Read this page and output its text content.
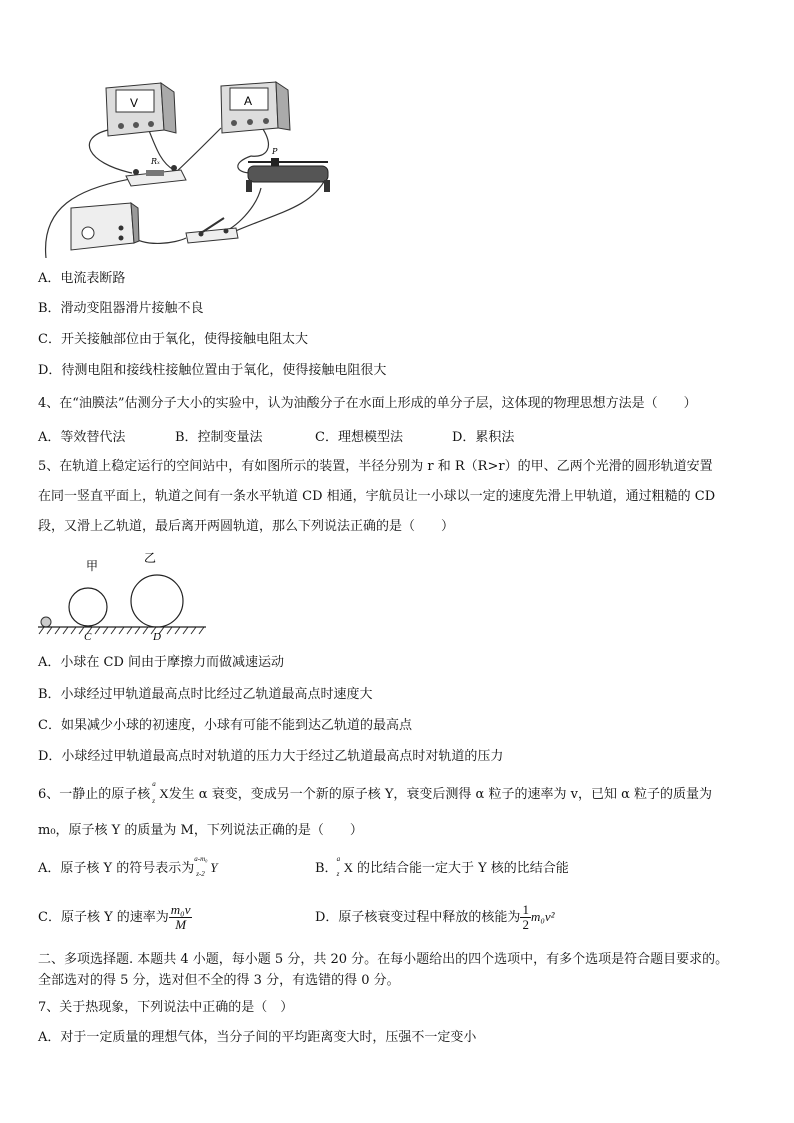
V	A
Rₓ
P
A．电流表断路
B．滑动变阻器滑片接触不良
C．开关接触部位由于氧化，使得接触电阻太大
D．待测电阻和接线柱接触位置由于氧化，使得接触电阻很大
4、在“油膜法”估测分子大小的实验中，认为油酸分子在水面上形成的单分子层，这体现的物理思想方法是（　　）
A．等效替代法	B．控制变量法	C．理想模型法	D．累积法
5、在轨道上稳定运行的空间站中，有如图所示的装置，半径分别为 r 和 R（R>r）的甲、乙两个光滑的圆形轨道安置
在同一竖直平面上，轨道之间有一条水平轨道 CD 相通，宇航员让一小球以一定的速度先滑上甲轨道，通过粗糙的 CD
段，又滑上乙轨道，最后离开两圆轨道，那么下列说法正确的是（　　）
甲
乙
C	D
A．小球在 CD 间由于摩擦力而做减速运动
B．小球经过甲轨道最高点时比经过乙轨道最高点时速度大
C．如果减少小球的初速度，小球有可能不能到达乙轨道的最高点
D．小球经过甲轨道最高点时对轨道的压力大于经过乙轨道最高点时对轨道的压力
6、一静止的原子核
a
z X发生 α 衰变，变成另一个新的原子核 Y，衰变后测得 α 粒子的速率为 v，已知 α 粒子的质量为
m₀，原子核 Y 的质量为 M，下列说法正确的是（　　）
A．原子核 Y 的符号表示为
a-m₀
z-2 Y	B．
a
z X 的比结合能一定大于 Y 核的比结合能
C．原子核 Y 的速率为 $\frac{\text{m₀v}}{M}$	D．原子核衰变过程中释放的核能为 $\frac{1}{2} m_0v^2$
二、多项选择题. 本题共 4 小题，每小题 5 分，共 20 分。在每小题给出的四个选项中，有多个选项是符合题目要求的。
全部选对的得 5 分，选对但不全的得 3 分，有选错的得 0 分。
7、关于热现象，下列说法中正确的是（　）
A．对于一定质量的理想气体，当分子间的平均距离变大时，压强不一定变小
